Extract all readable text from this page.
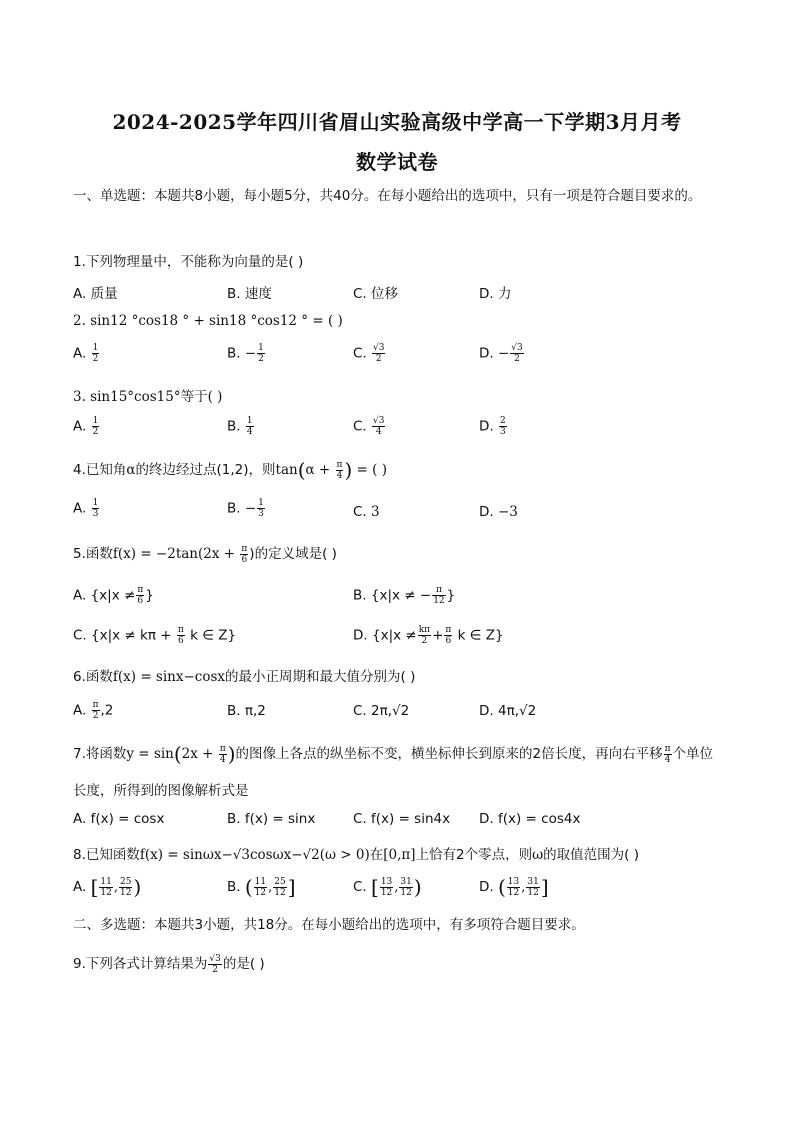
2024-2025学年四川省眉山实验高级中学高一下学期3月月考
数学试卷
一、单选题：本题共8小题，每小题5分，共40分。在每小题给出的选项中，只有一项是符合题目要求的。
1.下列物理量中，不能称为向量的是( )
A. 质量	B. 速度	C. 位移	D. 力
2. sin12 °cos18 ° + sin18 °cos12 ° = ( )
A. $\frac{1}{2}$	B. − $\frac{1}{2}$	C. $\frac{√3}{2}$	D. − $\frac{√3}{2}$
3. sin15°cos15°等于( )
A. $\frac{1}{2}$	B. $\frac{1}{4}$	C. $\frac{√3}{4}$	D. $\frac{2}{3}$
4.已知角α的终边经过点(1,2)，则$\tan(\alpha + \frac{\pi}{4}$ ) = ( )
A. $\frac{1}{3}$	B. − $\frac{1}{3}$	C. 3	D. −3
5.函数$f(x) = -2\tan(2x + \frac{\pi}{6}$ )的定义域是( )
A. {$x|x \ne \frac{\pi}{6}$ }	B. {x|x ≠ − $\frac{\pi}{12}$ }
C. {$x|x \ne k\pi + \frac{\pi}{6}$ k ∈ Z}	D. {$x|x \ne \frac{k\pi}{2} + \frac{\pi}{6}$ k ∈ Z}
6.函数f(x) = sinx−cosx的最小正周期和最大值分别为( )
A. $\frac{\pi}{2} ,2$	B. π,2	C. 2π,√2	D. 4π,√2
7.将函数$y = \sin(2x + \frac{\pi}{4}$ )的图像上各点的纵坐标不变，横坐标伸长到原来的2倍长度，再向右平移 $\frac{\pi}{4}$ 个单位
长度，所得到的图像解析式是
A. f(x) = cosx	B. f(x) = sinx	C. f(x) = sin4x D. f(x) = cos4x
8.已知函数f(x) = sinωx−√3cosωx−√2(ω > 0)在[0,π]上恰有2个零点，则ω的取值范围为( )
A. [ $\frac{11}{12}$ , $\frac{25}{12}$ )	B. ( $\frac{11}{12}$ , $\frac{25}{12}$ ]	C. [ $\frac{13}{12}$ , $\frac{31}{12}$ )	D. ( $\frac{13}{12}$ , $\frac{31}{12}$ ]
二、多选题：本题共3小题，共18分。在每小题给出的选项中，有多项符合题目要求。
9.下列各式计算结果为 $\frac{√3}{2}$ 的是( )
